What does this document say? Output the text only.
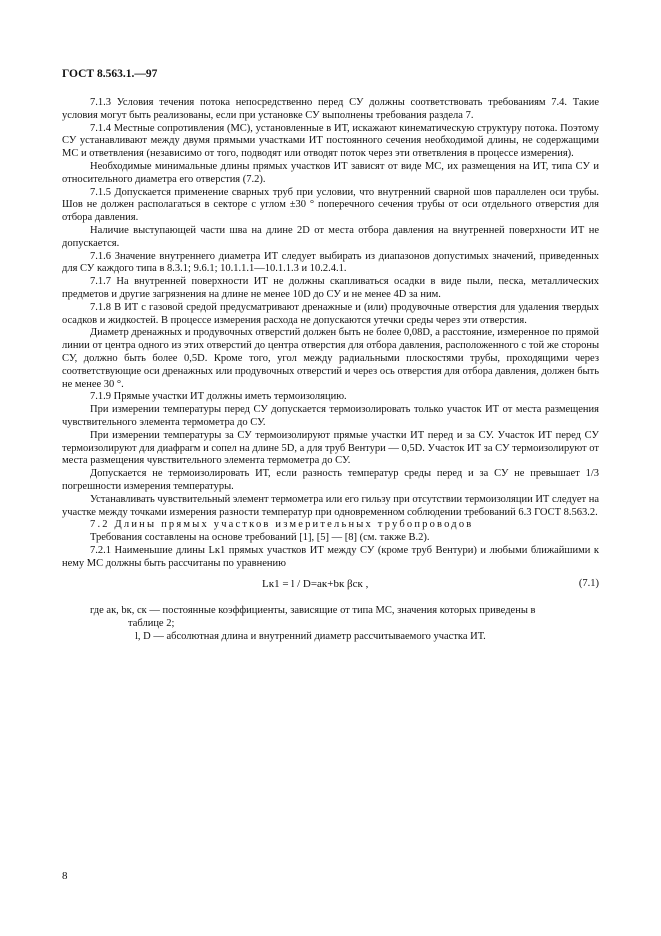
ГОСТ 8.563.1.—97

7.1.3 Условия течения потока непосредственно перед СУ должны соответствовать требованиям 7.4. Такие условия могут быть реализованы, если при установке СУ выполнены требования раздела 7.

7.1.4 Местные сопротивления (МС), установленные в ИТ, искажают кинематическую структуру потока. Поэтому СУ устанавливают между двумя прямыми участками ИТ постоянного сечения необходимой длины, не содержащими МС и ответвления (независимо от того, подводят или отводят поток через эти ответвления в процессе измерения).

Необходимые минимальные длины прямых участков ИТ зависят от виде МС, их размещения на ИТ, типа СУ и относительного диаметра его отверстия (7.2).

7.1.5 Допускается применение сварных труб при условии, что внутренний сварной шов параллелен оси трубы. Шов не должен располагаться в секторе с углом ±30 ° поперечного сечения трубы от оси отдельного отверстия для отбора давления.

Наличие выступающей части шва на длине 2D от места отбора давления на внутренней поверхности ИТ не допускается.

7.1.6 Значение внутреннего диаметра ИТ следует выбирать из диапазонов допустимых значений, приведенных для СУ каждого типа в 8.3.1; 9.6.1; 10.1.1.1—10.1.1.3 и 10.2.4.1.

7.1.7 На внутренней поверхности ИТ не должны скапливаться осадки в виде пыли, песка, металлических предметов и другие загрязнения на длине не менее 10D до СУ и не менее 4D за ним.

7.1.8 В ИТ с газовой средой предусматривают дренажные и (или) продувочные отверстия для удаления твердых осадков и жидкостей. В процессе измерения расхода не допускаются утечки среды через эти отверстия.

Диаметр дренажных и продувочных отверстий должен быть не более 0,08D, а расстояние, измеренное по прямой линии от центра одного из этих отверстий до центра отверстия для отбора давления, расположенного с той же стороны СУ, должно быть более 0,5D. Кроме того, угол между радиальными плоскостями трубы, проходящими через соответствующие оси дренажных или продувочных отверстий и через ось отверстия для отбора давления, должен быть не менее 30 °.

7.1.9 Прямые участки ИТ должны иметь термоизоляцию.

При измерении температуры перед СУ допускается термоизолировать только участок ИТ от места размещения чувствительного элемента термометра до СУ.

При измерении температуры за СУ термоизолируют прямые участки ИТ перед и за СУ. Участок ИТ перед СУ термоизолируют для диафрагм и сопел на длине 5D, а для труб Вентури — 0,5D. Участок ИТ за СУ термоизолируют от места размещения чувствительного элемента термометра до СУ.

Допускается не термоизолировать ИТ, если разность температур среды перед и за СУ не превышает 1/3 погрешности измерения температуры.

Устанавливать чувствительный элемент термометра или его гильзу при отсутствии термоизоляции ИТ следует на участке между точками измерения разности температур при одновременном соблюдении требований 6.3 ГОСТ 8.563.2.

7.2 Длины прямых участков измерительных трубопроводов

Требования составлены на основе требований [1], [5] — [8] (см. также В.2).

7.2.1 Наименьшие длины Lк1 прямых участков ИТ между СУ (кроме труб Вентури) и любыми ближайшими к нему МС должны быть рассчитаны по уравнению

Lк1 = l / D=aк+bк βcк ,	(7.1)

где aк, bк, cк — постоянные коэффициенты, зависящие от типа МС, значения которых приведены в

таблице 2;

l, D — абсолютная длина и внутренний диаметр рассчитываемого участка ИТ.

8
